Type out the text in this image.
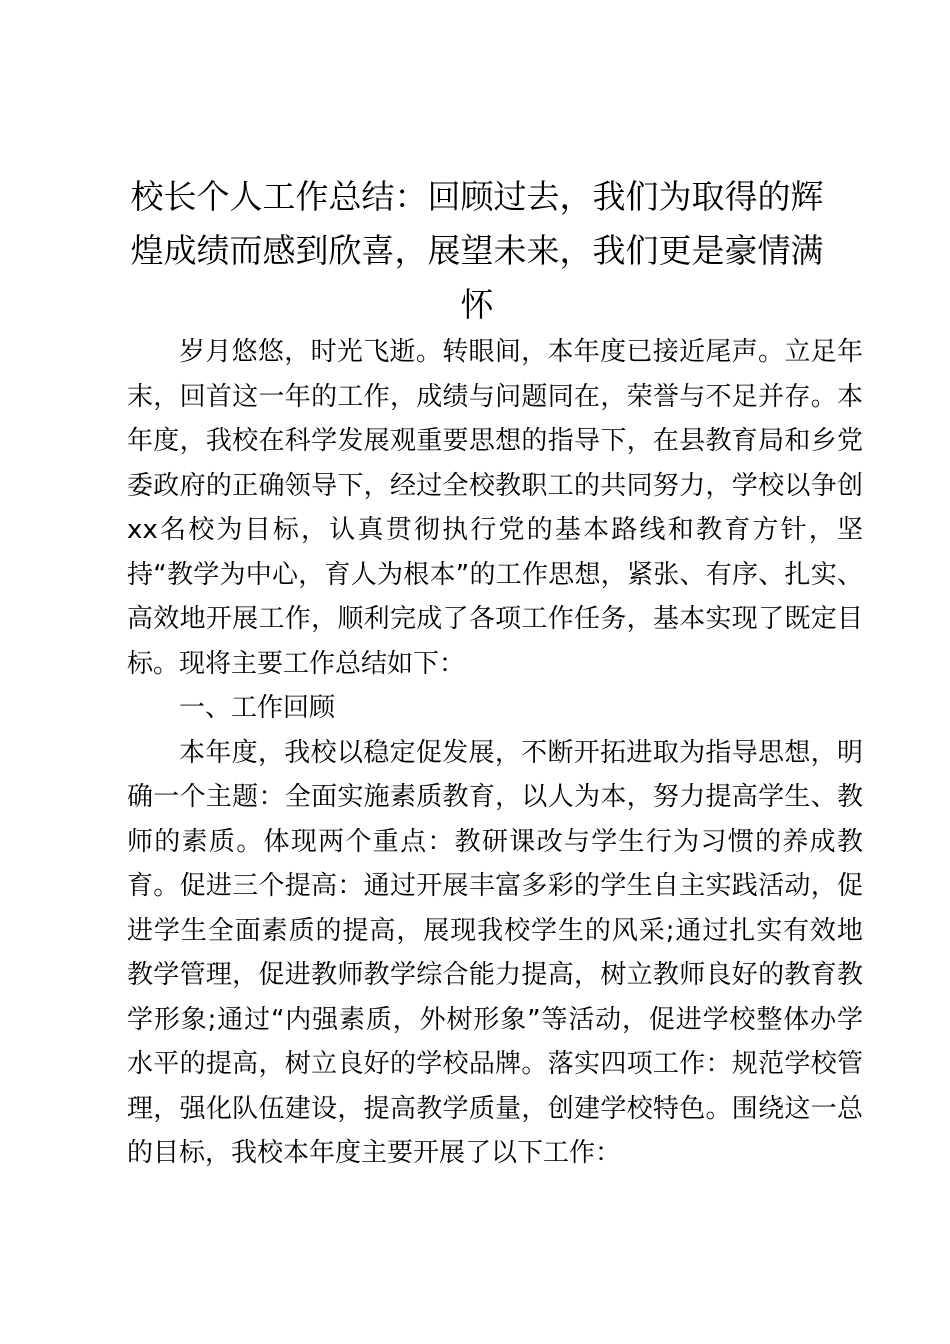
校长个人工作总结：回顾过去，我们为取得的辉煌成绩而感到欣喜，展望未来，我们更是豪情满怀

岁月悠悠，时光飞逝。转眼间，本年度已接近尾声。立足年末，回首这一年的工作，成绩与问题同在，荣誉与不足并存。本年度，我校在科学发展观重要思想的指导下，在县教育局和乡党委政府的正确领导下，经过全校教职工的共同努力，学校以争创xx名校为目标，认真贯彻执行党的基本路线和教育方针，坚持“教学为中心，育人为根本”的工作思想，紧张、有序、扎实、高效地开展工作，顺利完成了各项工作任务，基本实现了既定目标。现将主要工作总结如下：

一、工作回顾

本年度，我校以稳定促发展，不断开拓进取为指导思想，明确一个主题：全面实施素质教育，以人为本，努力提高学生、教师的素质。体现两个重点：教研课改与学生行为习惯的养成教育。促进三个提高：通过开展丰富多彩的学生自主实践活动，促进学生全面素质的提高，展现我校学生的风采;通过扎实有效地教学管理，促进教师教学综合能力提高，树立教师良好的教育教学形象;通过“内强素质，外树形象”等活动，促进学校整体办学水平的提高，树立良好的学校品牌。落实四项工作：规范学校管理，强化队伍建设，提高教学质量，创建学校特色。围绕这一总的目标，我校本年度主要开展了以下工作：
